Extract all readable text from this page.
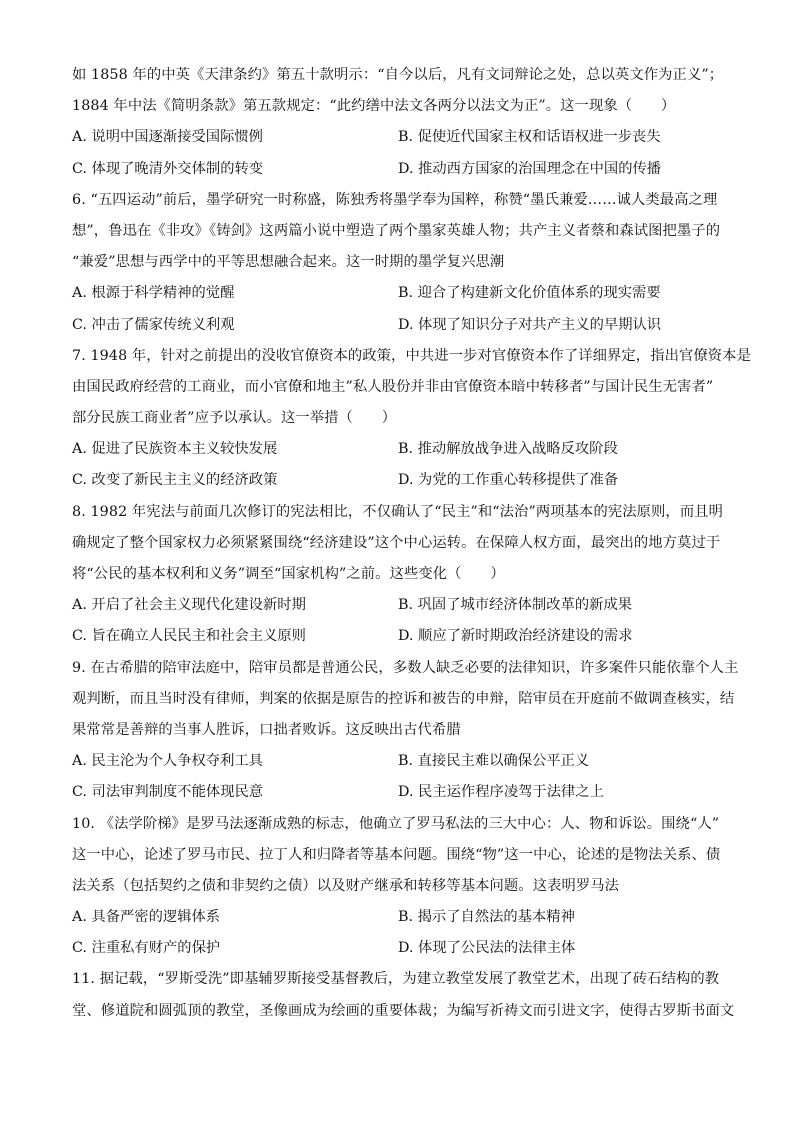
如 1858 年的中英《天津条约》第五十款明示：“自今以后，凡有文词辩论之处，总以英文作为正义”；
1884 年中法《简明条款》第五款规定：“此约缮中法文各两分以法文为正”。这一现象（　　）
A. 说明中国逐渐接受国际惯例	B. 促使近代国家主权和话语权进一步丧失
C. 体现了晚清外交体制的转变	D. 推动西方国家的治国理念在中国的传播
6. “五四运动”前后，墨学研究一时称盛，陈独秀将墨学奉为国粹，称赞“墨氏兼爱……诚人类最高之理
想”，鲁迅在《非攻》《铸剑》这两篇小说中塑造了两个墨家英雄人物；共产主义者蔡和森试图把墨子的
“兼爱”思想与西学中的平等思想融合起来。这一时期的墨学复兴思潮
A. 根源于科学精神的觉醒	B. 迎合了构建新文化价值体系的现实需要
C. 冲击了儒家传统义利观	D. 体现了知识分子对共产主义的早期认识
7. 1948 年，针对之前提出的没收官僚资本的政策，中共进一步对官僚资本作了详细界定，指出官僚资本是
由国民政府经营的工商业，而小官僚和地主”私人股份并非由官僚资本暗中转移者”与国计民生无害者”
部分民族工商业者”应予以承认。这一举措（　　）
A. 促进了民族资本主义较快发展	B. 推动解放战争进入战略反攻阶段
C. 改变了新民主主义的经济政策	D. 为党的工作重心转移提供了准备
8. 1982 年宪法与前面几次修订的宪法相比，不仅确认了“民主”和“法治”两项基本的宪法原则，而且明
确规定了整个国家权力必须紧紧围绕“经济建设”这个中心运转。在保障人权方面，最突出的地方莫过于
将“公民的基本权利和义务”调至“国家机构”之前。这些变化（　　）
A. 开启了社会主义现代化建设新时期	B. 巩固了城市经济体制改革的新成果
C. 旨在确立人民民主和社会主义原则	D. 顺应了新时期政治经济建设的需求
9. 在古希腊的陪审法庭中，陪审员都是普通公民，多数人缺乏必要的法律知识，许多案件只能依靠个人主
观判断，而且当时没有律师，判案的依据是原告的控诉和被告的申辩，陪审员在开庭前不做调查核实，结
果常常是善辩的当事人胜诉，口拙者败诉。这反映出古代希腊
A. 民主沦为个人争权夺利工具	B. 直接民主难以确保公平正义
C. 司法审判制度不能体现民意	D. 民主运作程序凌驾于法律之上
10. 《法学阶梯》是罗马法逐渐成熟的标志，他确立了罗马私法的三大中心：人、物和诉讼。围绕“人”
这一中心，论述了罗马市民、拉丁人和归降者等基本问题。围绕“物”这一中心，论述的是物法关系、债
法关系（包括契约之债和非契约之债）以及财产继承和转移等基本问题。这表明罗马法
A. 具备严密的逻辑体系	B. 揭示了自然法的基本精神
C. 注重私有财产的保护	D. 体现了公民法的法律主体
11. 据记载，“罗斯受洗”即基辅罗斯接受基督教后，为建立教堂发展了教堂艺术，出现了砖石结构的教
堂、修道院和圆弧顶的教堂，圣像画成为绘画的重要体裁；为编写祈祷文而引进文字，使得古罗斯书面文
